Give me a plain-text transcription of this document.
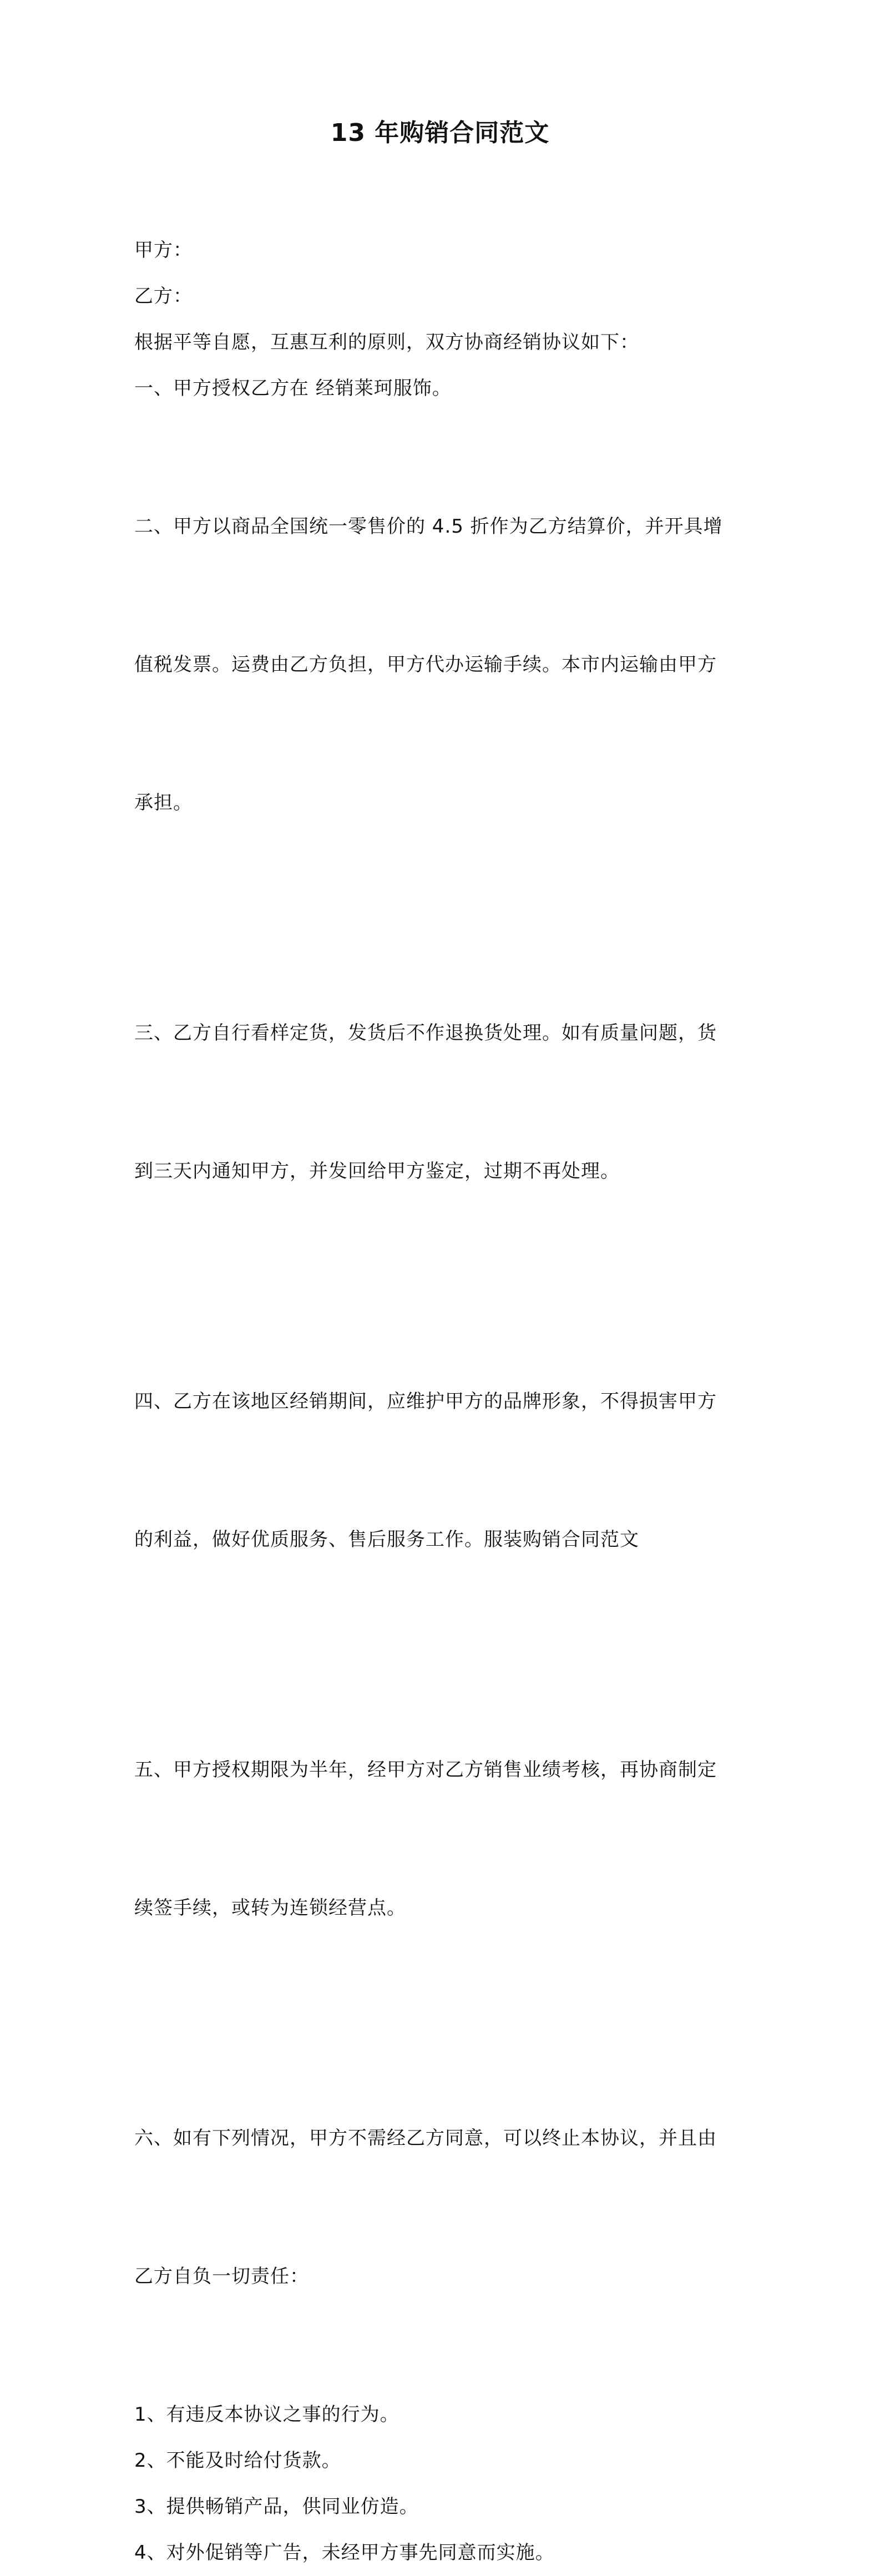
13 年购销合同范文

甲方：

乙方：

根据平等自愿，互惠互利的原则，双方协商经销协议如下：

一、甲方授权乙方在 经销莱珂服饰。

二、甲方以商品全国统一零售价的 4.5 折作为乙方结算价，并开具增

值税发票。运费由乙方负担，甲方代办运输手续。本市内运输由甲方

承担。

三、乙方自行看样定货，发货后不作退换货处理。如有质量问题，货

到三天内通知甲方，并发回给甲方鉴定，过期不再处理。

四、乙方在该地区经销期间，应维护甲方的品牌形象，不得损害甲方

的利益，做好优质服务、售后服务工作。服装购销合同范文

五、甲方授权期限为半年，经甲方对乙方销售业绩考核，再协商制定

续签手续，或转为连锁经营点。

六、如有下列情况，甲方不需经乙方同意，可以终止本协议，并且由

乙方自负一切责任：

1、有违反本协议之事的行为。

2、不能及时给付货款。

3、提供畅销产品，供同业仿造。

4、对外促销等广告，未经甲方事先同意而实施。
